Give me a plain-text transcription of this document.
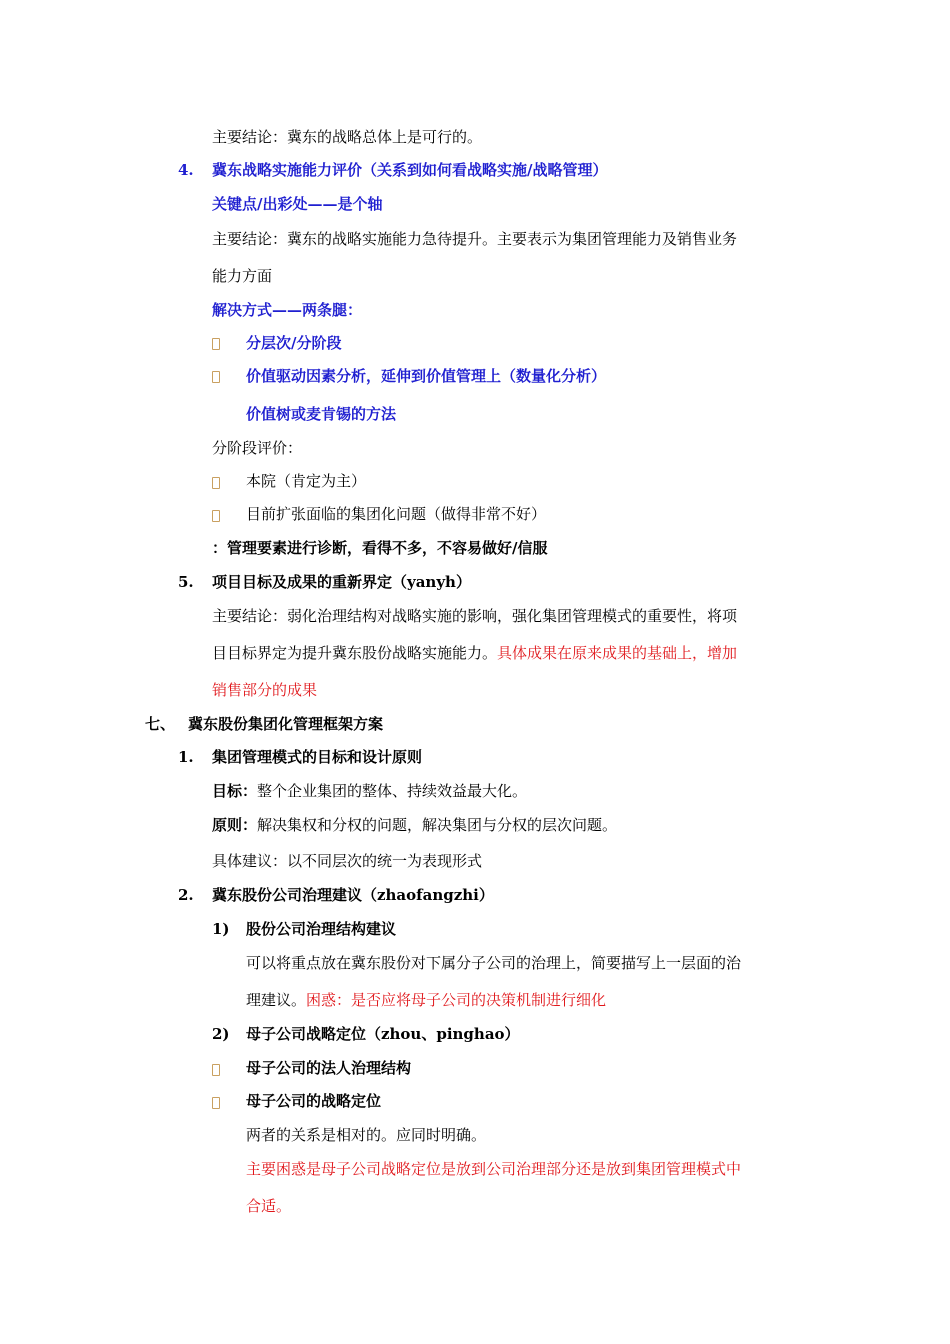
主要结论：冀东的战略总体上是可行的。
4. 冀东战略实施能力评价（关系到如何看战略实施/战略管理）
关键点/出彩处——是个轴
主要结论：冀东的战略实施能力急待提升。主要表示为集团管理能力及销售业务
能力方面
解决方式——两条腿：
分层次/分阶段
价值驱动因素分析，延伸到价值管理上（数量化分析）
价值树或麦肯锡的方法
分阶段评价：
本院（肯定为主）
目前扩张面临的集团化问题（做得非常不好）
：管理要素进行诊断，看得不多，不容易做好/信服
5. 项目目标及成果的重新界定（yanyh）
主要结论：弱化治理结构对战略实施的影响，强化集团管理模式的重要性，将项
目目标界定为提升冀东股份战略实施能力。具体成果在原来成果的基础上，增加
销售部分的成果
七、 冀东股份集团化管理框架方案
1. 集团管理模式的目标和设计原则
目标：整个企业集团的整体、持续效益最大化。
原则：解决集权和分权的问题，解决集团与分权的层次问题。
具体建议：以不同层次的统一为表现形式
2. 冀东股份公司治理建议（zhaofangzhi）
1) 股份公司治理结构建议
可以将重点放在冀东股份对下属分子公司的治理上，简要描写上一层面的治
理建议。困惑：是否应将母子公司的决策机制进行细化
2) 母子公司战略定位（zhou、pinghao）
母子公司的法人治理结构
母子公司的战略定位
两者的关系是相对的。应同时明确。
主要困惑是母子公司战略定位是放到公司治理部分还是放到集团管理模式中
合适。
